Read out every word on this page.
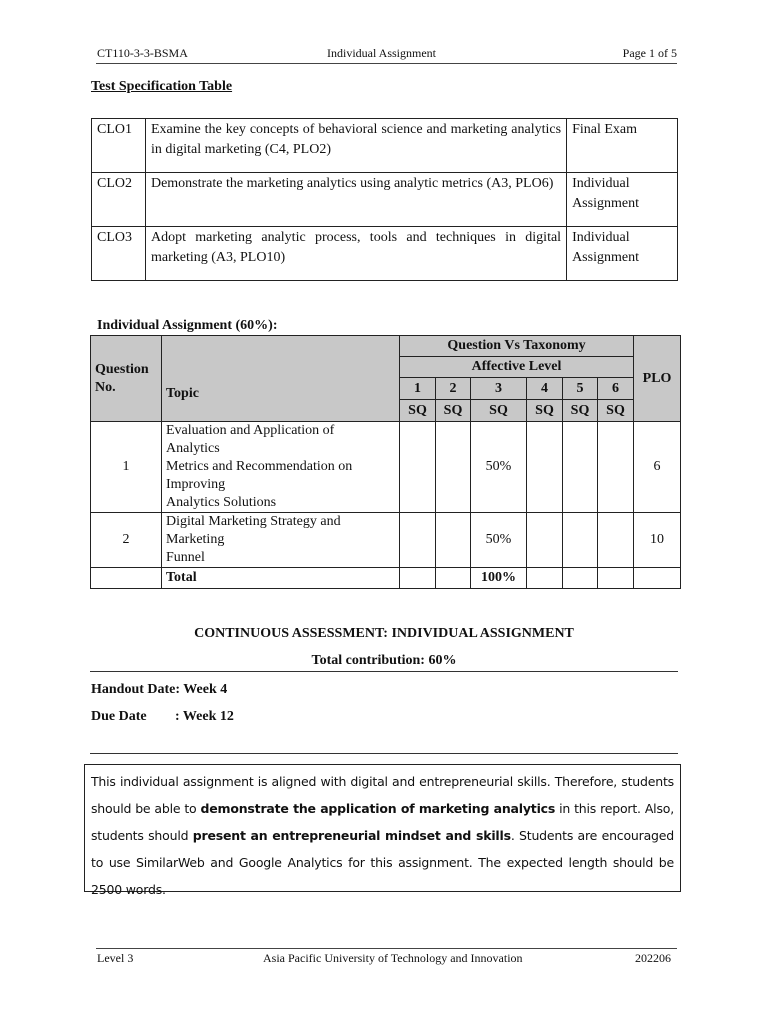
CT110-3-3-BSMA	Individual Assignment	Page 1 of 5
Test Specification Table
CLO1	Examine the key concepts of behavioral science and marketing analytics in digital marketing (C4, PLO2)	Final Exam
CLO2	Demonstrate the marketing analytics using analytic metrics (A3, PLO6)	Individual Assignment
CLO3	Adopt marketing analytic process, tools and techniques in digital marketing (A3, PLO10)	Individual Assignment
Individual Assignment (60%):
Question No.	Topic	Question Vs Taxonomy						PLO
		Affective Level						
		1	2	3	4	5	6	
		SQ	SQ	SQ	SQ	SQ	SQ	
1	Evaluation and Application of
Analytics
Metrics and Recommendation on
Improving
Analytics Solutions			50%				6
2	Digital Marketing Strategy and
Marketing
Funnel			50%				10
	Total			100%				
CONTINUOUS ASSESSMENT: INDIVIDUAL ASSIGNMENT
Total contribution: 60%
Handout Date: Week 4
Due Date : Week 12
This individual assignment is aligned with digital and entrepreneurial skills. Therefore, students should be able to demonstrate the application of marketing analytics in this report. Also, students should present an entrepreneurial mindset and skills. Students are encouraged to use SimilarWeb and Google Analytics for this assignment. The expected length should be 2500 words.
Level 3	Asia Pacific University of Technology and Innovation	202206
